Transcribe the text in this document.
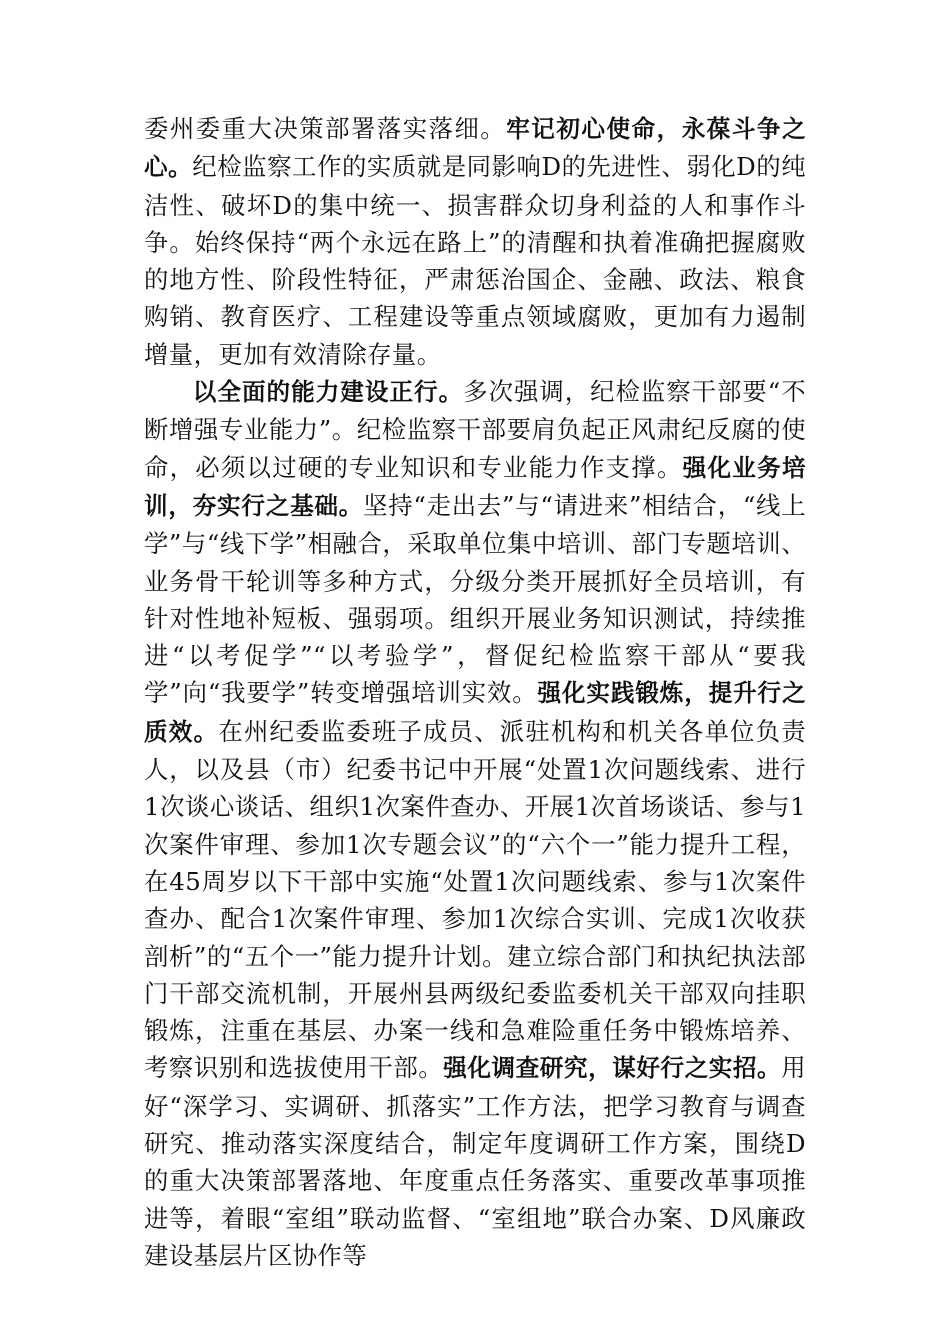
委州委重大决策部署落实落细。牢记初心使命，永葆斗争之心。纪检监察工作的实质就是同影响D的先进性、弱化D的纯洁性、破坏D的集中统一、损害群众切身利益的人和事作斗争。始终保持“两个永远在路上”的清醒和执着准确把握腐败的地方性、阶段性特征，严肃惩治国企、金融、政法、粮食购销、教育医疗、工程建设等重点领域腐败，更加有力遏制增量，更加有效清除存量。

以全面的能力建设正行。多次强调，纪检监察干部要“不断增强专业能力”。纪检监察干部要肩负起正风肃纪反腐的使命，必须以过硬的专业知识和专业能力作支撑。强化业务培训，夯实行之基础。坚持“走出去”与“请进来”相结合，“线上学”与“线下学”相融合，采取单位集中培训、部门专题培训、业务骨干轮训等多种方式，分级分类开展抓好全员培训，有针对性地补短板、强弱项。组织开展业务知识测试，持续推进“以考促学”“以考验学”，督促纪检监察干部从“要我学”向“我要学”转变增强培训实效。强化实践锻炼，提升行之质效。在州纪委监委班子成员、派驻机构和机关各单位负责人，以及县（市）纪委书记中开展“处置1次问题线索、进行1次谈心谈话、组织1次案件查办、开展1次首场谈话、参与1次案件审理、参加1次专题会议”的“六个一”能力提升工程，在45周岁以下干部中实施“处置1次问题线索、参与1次案件查办、配合1次案件审理、参加1次综合实训、完成1次收获剖析”的“五个一”能力提升计划。建立综合部门和执纪执法部门干部交流机制，开展州县两级纪委监委机关干部双向挂职锻炼，注重在基层、办案一线和急难险重任务中锻炼培养、考察识别和选拔使用干部。强化调查研究，谋好行之实招。用好“深学习、实调研、抓落实”工作方法，把学习教育与调查研究、推动落实深度结合，制定年度调研工作方案，围绕D的重大决策部署落地、年度重点任务落实、重要改革事项推进等，着眼“室组”联动监督、“室组地”联合办案、D风廉政建设基层片区协作等
